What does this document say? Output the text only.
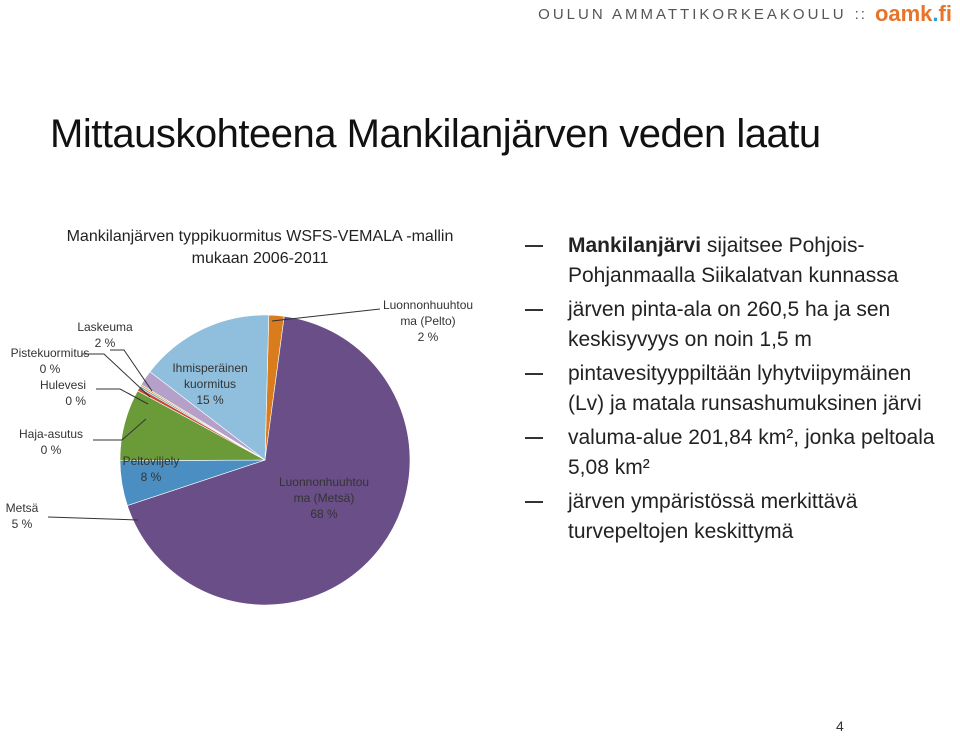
OULUN AMMATTIKORKEAKOULU :: oamk.fi
Mittauskohteena Mankilanjärven veden laatu
Mankilanjärven typpikuormitus WSFS-VEMALA -mallin mukaan 2006-2011
Luonnonhuuhtou ma (Pelto) 2 %
Luonnonhuuhtou ma (Metsä) 68 %
Metsä 5 %
Peltoviljely 8 %
Haja-asutus 0 %
Hulevesi 0 %
Pistekuormitus 0 %
Laskeuma 2 %
Ihmisperäinen kuormitus 15 %
Mankilanjärvi sijaitsee Pohjois-Pohjanmaalla Siikalatvan kunnassa
järven pinta-ala on 260,5 ha ja sen keskisyvyys on noin 1,5 m
pintavesityyppiltään lyhytviipymäinen (Lv) ja matala runsashumuksinen järvi
valuma-alue 201,84 km², jonka peltoala 5,08 km²
järven ympäristössä merkittävä turvepeltojen keskittymä
4
